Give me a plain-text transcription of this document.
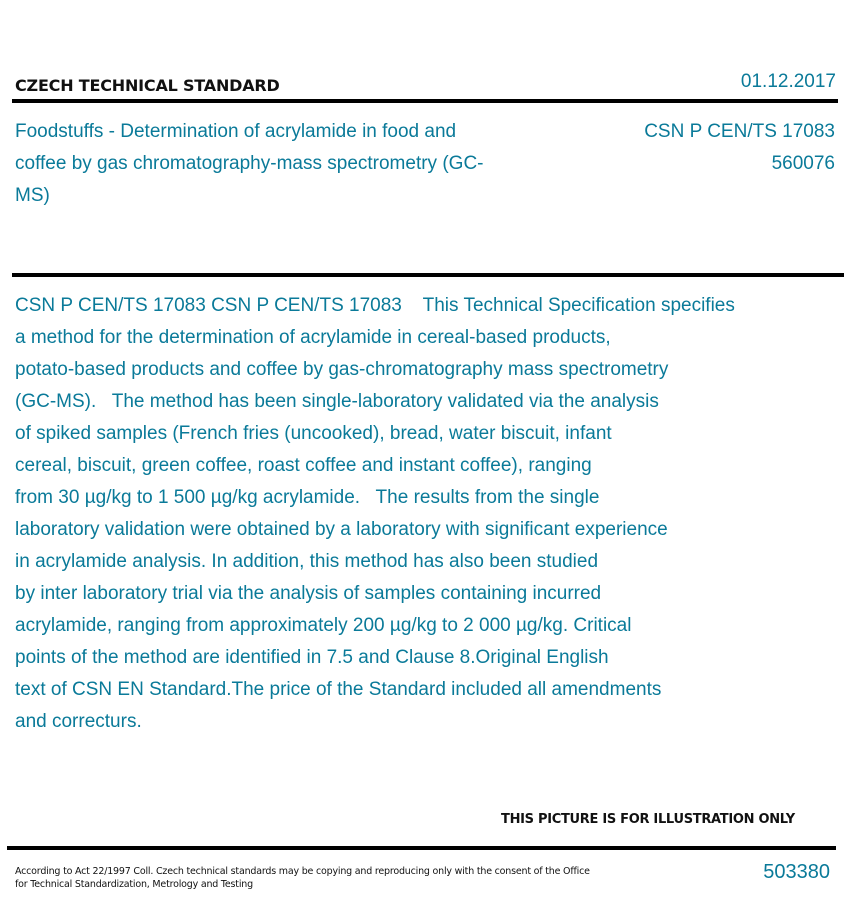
CZECH TECHNICAL STANDARD	01.12.2017
Foodstuffs - Determination of acrylamide in food and coffee by gas chromatography-mass spectrometry (GC-MS)
CSN P CEN/TS 17083
560076
CSN P CEN/TS 17083 CSN P CEN/TS 17083    This Technical Specification specifies
a method for the determination of acrylamide in cereal-based products,
potato-based products and coffee by gas-chromatography mass spectrometry
(GC-MS).   The method has been single-laboratory validated via the analysis
of spiked samples (French fries (uncooked), bread, water biscuit, infant
cereal, biscuit, green coffee, roast coffee and instant coffee), ranging
from 30 µg/kg to 1 500 µg/kg acrylamide.   The results from the single
laboratory validation were obtained by a laboratory with significant experience
in acrylamide analysis. In addition, this method has also been studied
by inter laboratory trial via the analysis of samples containing incurred
acrylamide, ranging from approximately 200 µg/kg to 2 000 µg/kg. Critical
points of the method are identified in 7.5 and Clause 8.Original English
text of CSN EN Standard.The price of the Standard included all amendments
and correcturs.
THIS PICTURE IS FOR ILLUSTRATION ONLY
According to Act 22/1997 Coll. Czech technical standards may be copying and reproducing only with the consent of the Office
for Technical Standardization, Metrology and Testing
503380
